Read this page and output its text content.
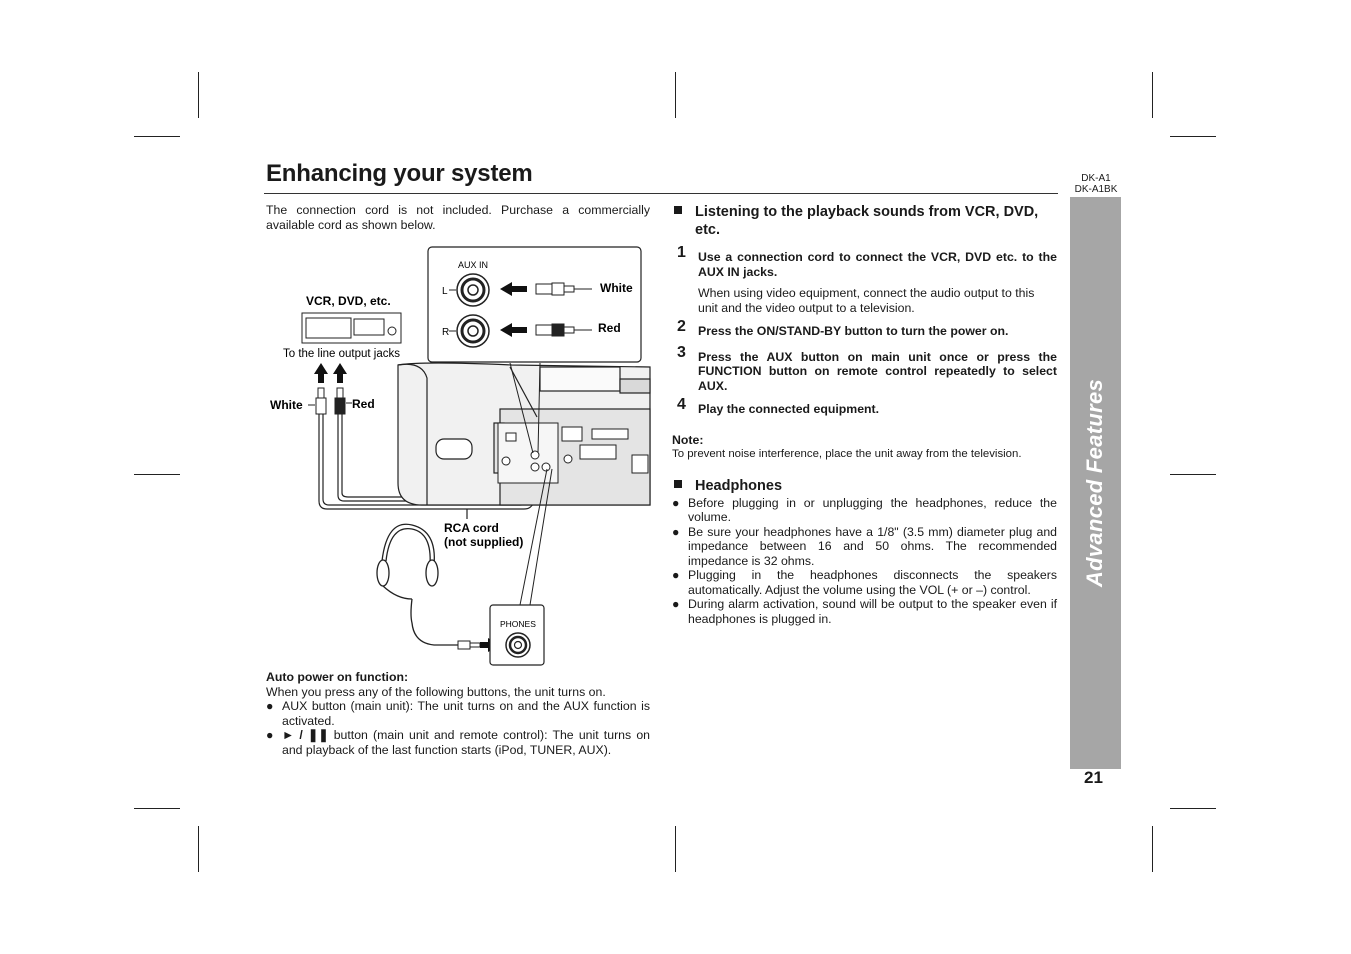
Enhancing your system	DK-A1
DK-A1BK
Advanced Features
21
The connection cord is not included. Purchase a commercially available cord as shown below.
AUX IN
L
R
White
Red
VCR, DVD, etc.
To the line output jacks
White	Red
RCA cord
(not supplied)
PHONES
Auto power on function:
When you press any of the following buttons, the unit turns on.
● AUX button (main unit): The unit turns on and the AUX function is activated.
● ► / ❚❚ button (main unit and remote control): The unit turns on and playback of the last function starts (iPod, TUNER, AUX).
Listening to the playback sounds from VCR, DVD, etc.
1 Use a connection cord to connect the VCR, DVD etc. to the AUX IN jacks.
When using video equipment, connect the audio output to this unit and the video output to a television.
2 Press the ON/STAND-BY button to turn the power on.
3 Press the AUX button on main unit once or press the FUNCTION button on remote control repeatedly to select AUX.
4 Play the connected equipment.
Note:
To prevent noise interference, place the unit away from the television.
Headphones
● Before plugging in or unplugging the headphones, reduce the volume.
● Be sure your headphones have a 1/8" (3.5 mm) diameter plug and impedance between 16 and 50 ohms. The recommended impedance is 32 ohms.
● Plugging in the headphones disconnects the speakers automatically. Adjust the volume using the VOL (+ or –) control.
● During alarm activation, sound will be output to the speaker even if headphones is plugged in.
